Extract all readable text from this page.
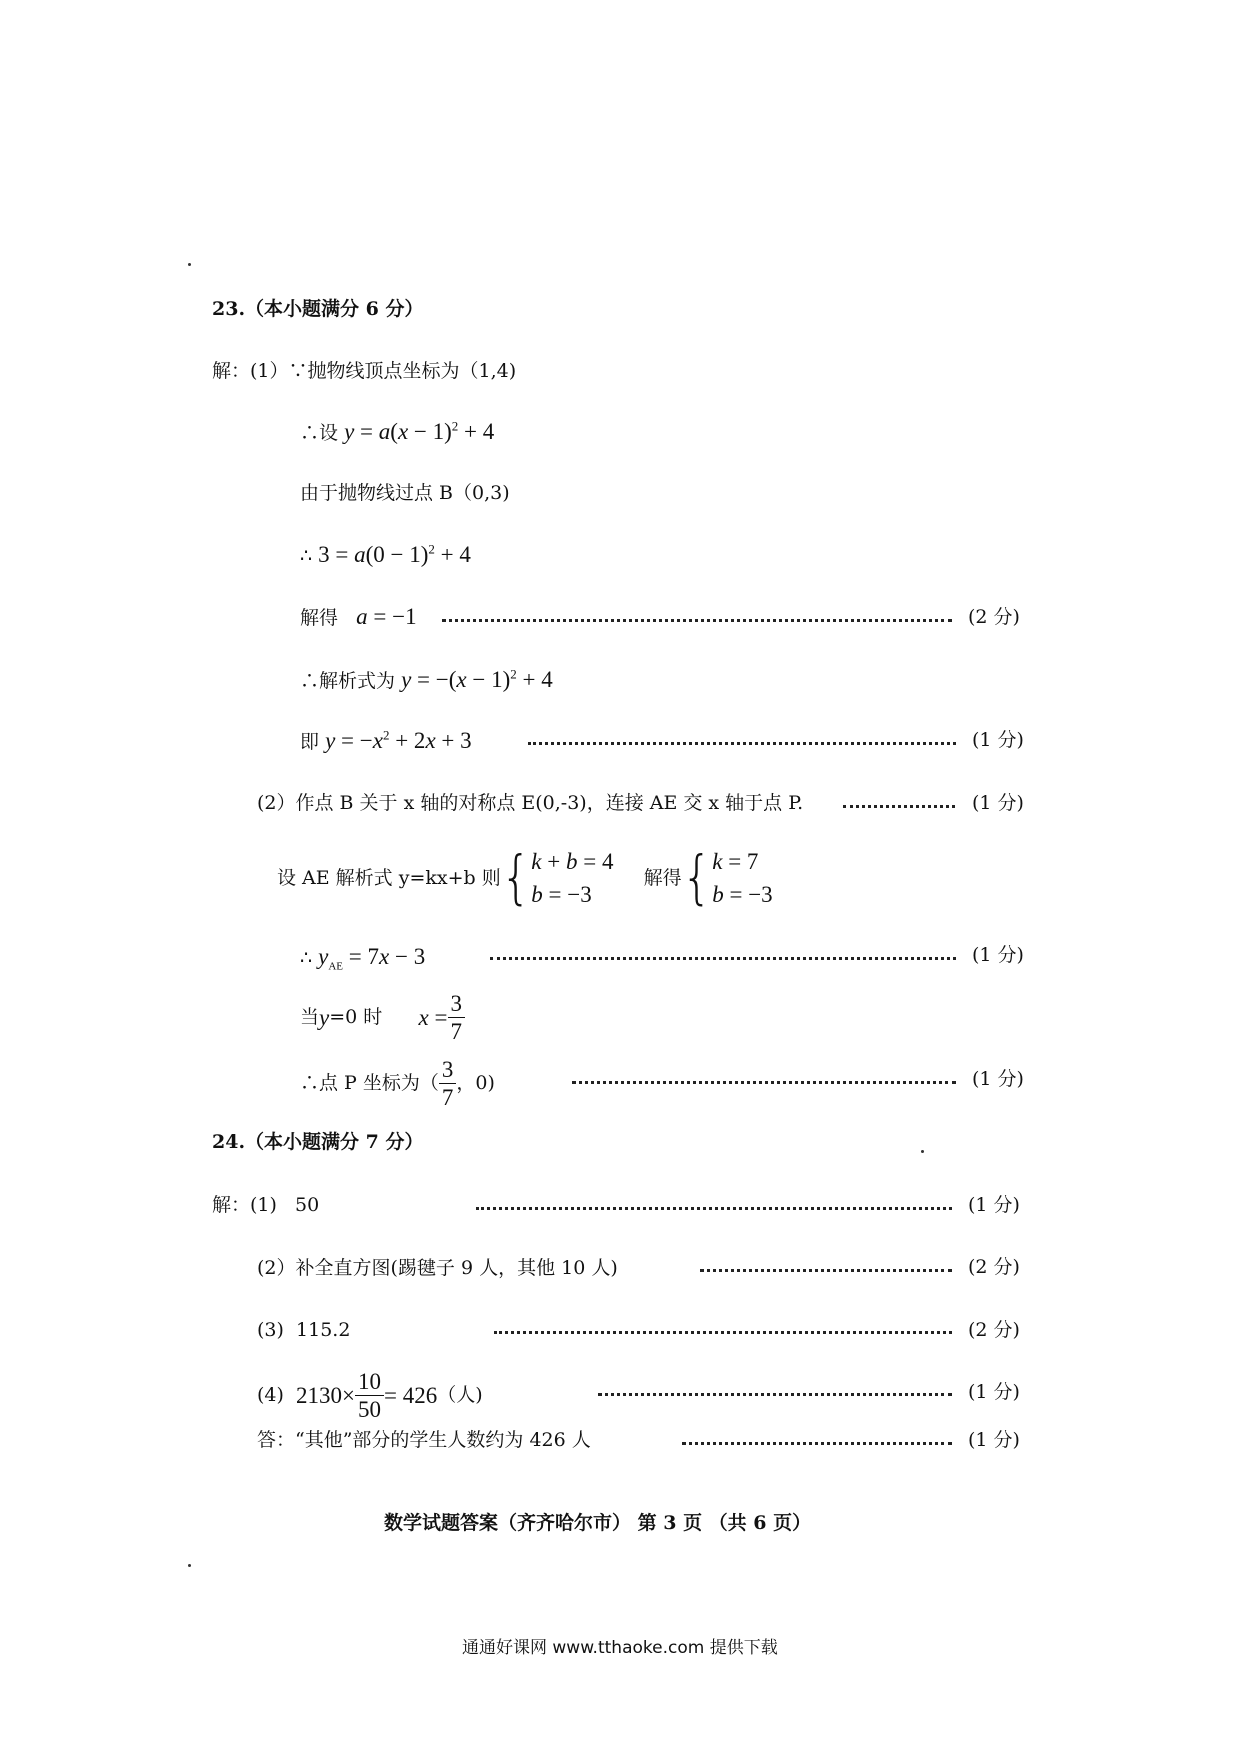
23.（本小题满分 6 分）
解：(1）∵抛物线顶点坐标为（1,4)
∴设 $y = a(x - 1)^2 + 4$
由于抛物线过点 B（0,3)
∴ $3 = a(0 - 1)^2 + 4$
解得 a = −1	(2 分)
∴解析式为 $y = -(x - 1)^2 + 4$
即 $y = -x^2 + 2x + 3$	(1 分)
(2）作点 B 关于 x 轴的对称点 E(0,-3)，连接 AE 交 x 轴于点 P.	(1 分)
设 AE 解析式 y=kx+b 则{k + b = 4
b = −3     解得{k = 7
b = −3
∴ $y_{AE} = 7x - 3$	(1 分)
当y=0 时 $x = \frac{3}{7}$
∴点 P 坐标为（ $\frac{3}{7}$ ，0)	(1 分)
24.（本小题满分 7 分）
解：(1) 50	(1 分)
(2）补全直方图(踢毽子 9 人，其他 10 人)	(2 分)
(3) 115.2	(2 分)
(4) $2130\times \frac{10}{50} = 426$（人)	(1 分)
答：“其他”部分的学生人数约为 426 人	(1 分)
数学试题答案（齐齐哈尔市） 第 3 页 （共 6 页）
通通好课网 www.tthaoke.com 提供下载
